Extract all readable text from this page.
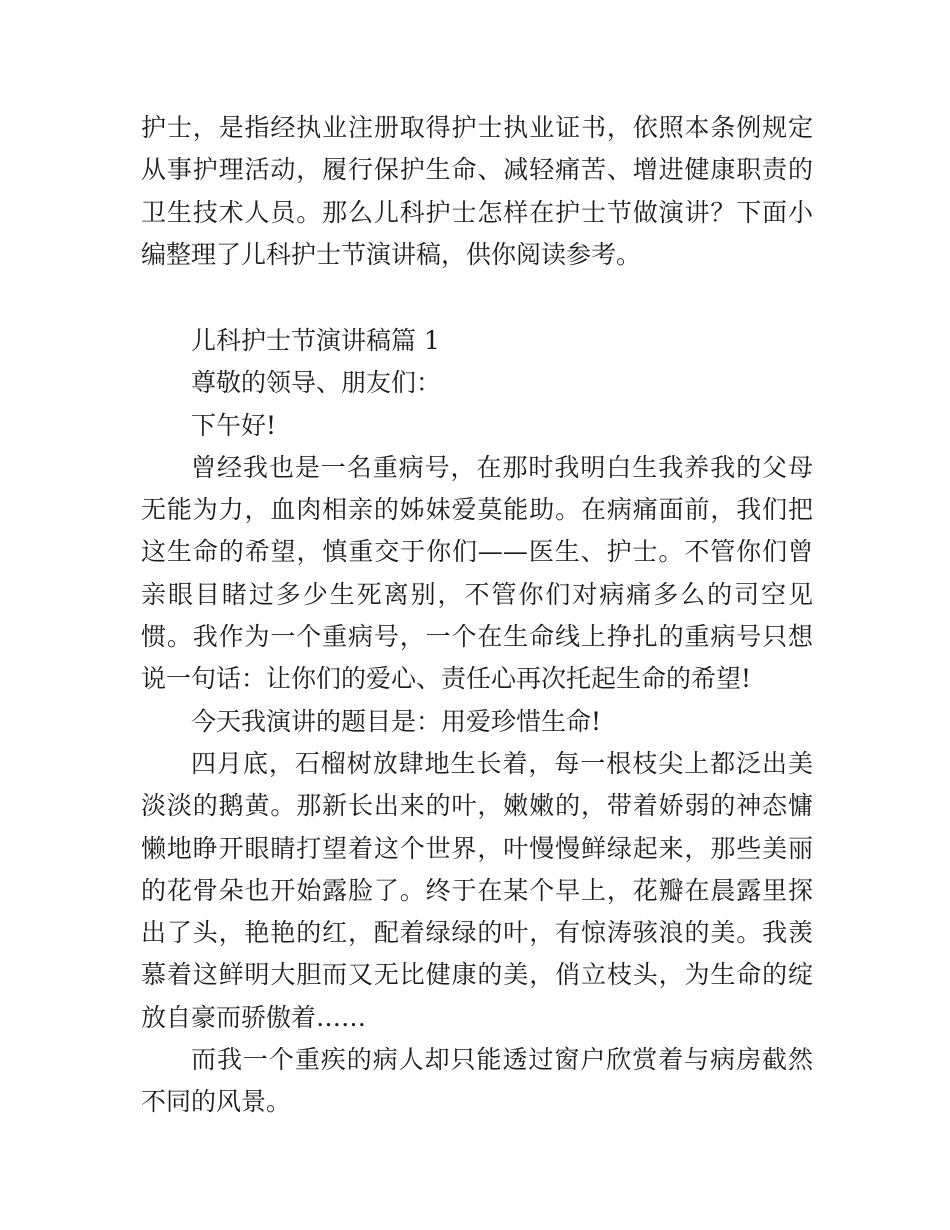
护士，是指经执业注册取得护士执业证书，依照本条例规定从事护理活动，履行保护生命、减轻痛苦、增进健康职责的卫生技术人员。那么儿科护士怎样在护士节做演讲？下面小编整理了儿科护士节演讲稿，供你阅读参考。

儿科护士节演讲稿篇 1

尊敬的领导、朋友们：

下午好!

曾经我也是一名重病号，在那时我明白生我养我的父母无能为力，血肉相亲的姊妹爱莫能助。在病痛面前，我们把这生命的希望，慎重交于你们——医生、护士。不管你们曾亲眼目睹过多少生死离别，不管你们对病痛多么的司空见惯。我作为一个重病号，一个在生命线上挣扎的重病号只想说一句话：让你们的爱心、责任心再次托起生命的希望!

今天我演讲的题目是：用爱珍惜生命!

四月底，石榴树放肆地生长着，每一根枝尖上都泛出美淡淡的鹅黄。那新长出来的叶，嫩嫩的，带着娇弱的神态慵懒地睁开眼睛打望着这个世界，叶慢慢鲜绿起来，那些美丽的花骨朵也开始露脸了。终于在某个早上，花瓣在晨露里探出了头，艳艳的红，配着绿绿的叶，有惊涛骇浪的美。我羡慕着这鲜明大胆而又无比健康的美，俏立枝头，为生命的绽放自豪而骄傲着……

而我一个重疾的病人却只能透过窗户欣赏着与病房截然不同的风景。
